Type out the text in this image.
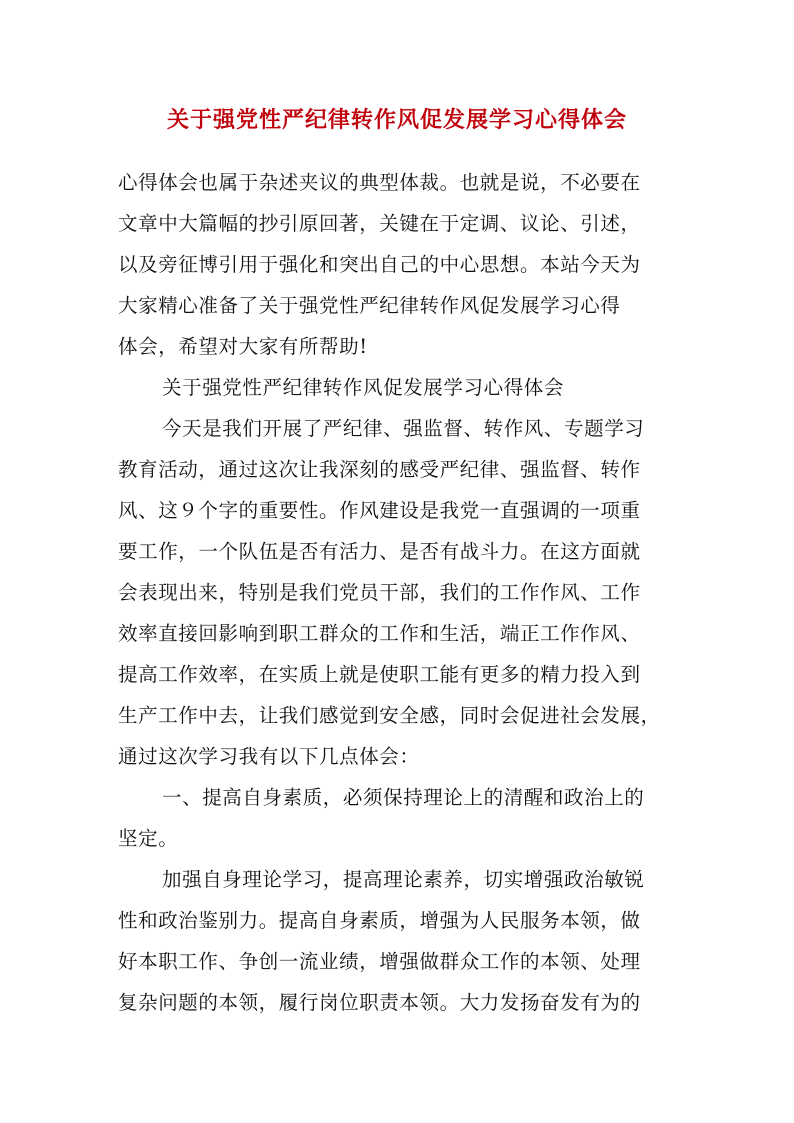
关于强党性严纪律转作风促发展学习心得体会
心得体会也属于杂述夹议的典型体裁。也就是说，不必要在
文章中大篇幅的抄引原回著，关键在于定调、议论、引述，
以及旁征博引用于强化和突出自己的中心思想。本站今天为
大家精心准备了关于强党性严纪律转作风促发展学习心得
体会，希望对大家有所帮助!
关于强党性严纪律转作风促发展学习心得体会
今天是我们开展了严纪律、强监督、转作风、专题学习
教育活动，通过这次让我深刻的感受严纪律、强监督、转作
风、这９个字的重要性。作风建设是我党一直强调的一项重
要工作，一个队伍是否有活力、是否有战斗力。在这方面就
会表现出来，特别是我们党员干部，我们的工作作风、工作
效率直接回影响到职工群众的工作和生活，端正工作作风、
提高工作效率，在实质上就是使职工能有更多的精力投入到
生产工作中去，让我们感觉到安全感，同时会促进社会发展，
通过这次学习我有以下几点体会：
一、提高自身素质，必须保持理论上的清醒和政治上的
坚定。
加强自身理论学习，提高理论素养，切实增强政治敏锐
性和政治鉴别力。提高自身素质，增强为人民服务本领，做
好本职工作、争创一流业绩，增强做群众工作的本领、处理
复杂问题的本领，履行岗位职责本领。大力发扬奋发有为的
